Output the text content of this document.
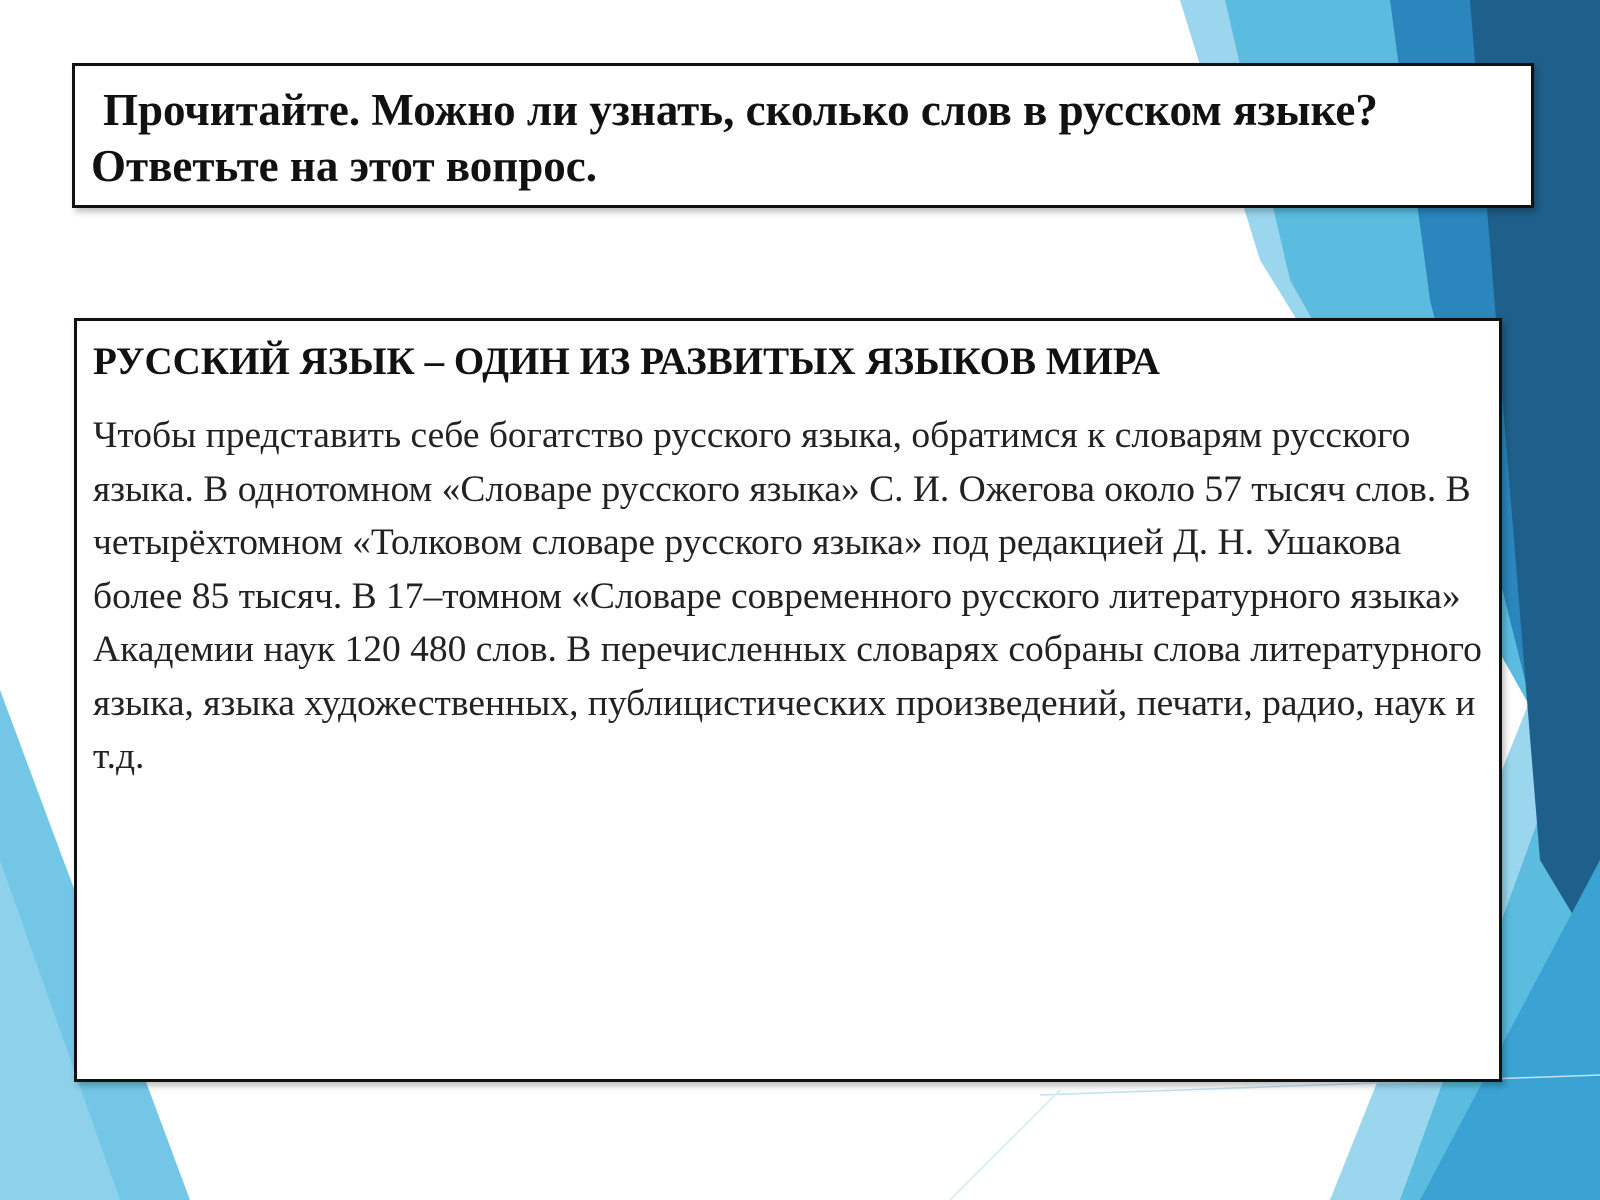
Прочитайте. Можно ли узнать, сколько слов в русском языке? Ответьте на этот вопрос.

РУССКИЙ ЯЗЫК – ОДИН ИЗ РАЗВИТЫХ ЯЗЫКОВ МИРА

Чтобы представить себе богатство русского языка, обратимся к словарям русского языка. В однотомном «Словаре русского языка» С. И. Ожегова около 57 тысяч слов. В четырёхтомном «Толковом словаре русского языка» под редакцией Д. Н. Ушакова более 85 тысяч. В 17–томном «Словаре современного русского литературного языка» Академии наук 120 480 слов. В перечисленных словарях собраны слова литературного языка, языка художественных, публицистических произведений, печати, радио, наук и т.д.
